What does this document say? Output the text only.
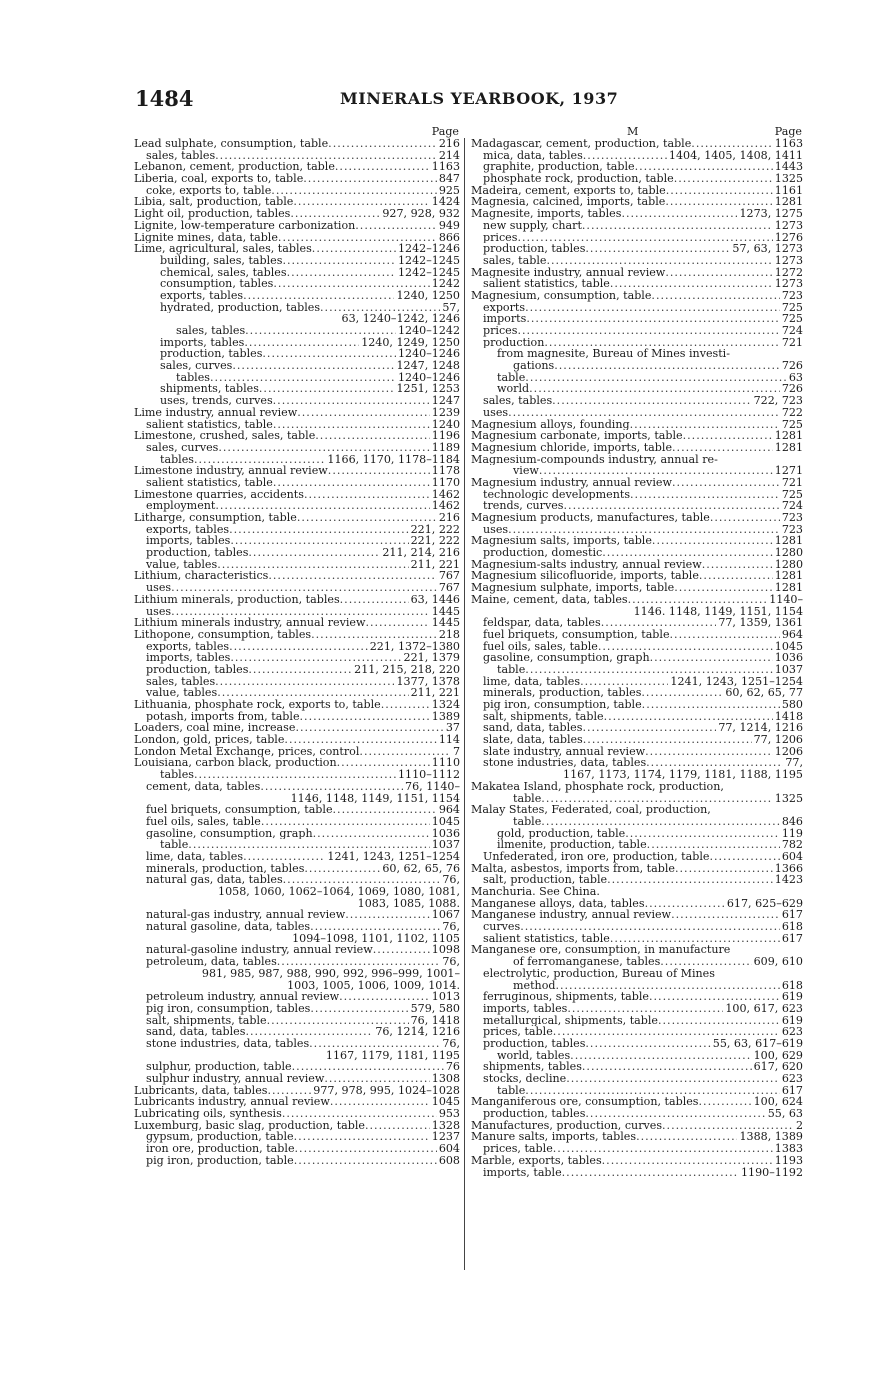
1484	MINERALS YEARBOOK, 1937
Page
Lead sulphate, consumption, table .....	216
sales, tables .....	214
Lebanon, cement, production, table .....	1163
Liberia, coal, exports to, table .....	847
coke, exports to, table .....	925
Libia, salt, production, table .....	1424
Light oil, production, tables .....	927, 928, 932
Lignite, low-temperature carbonization .....	949
Lignite mines, data, table .....	866
Lime, agricultural, sales, tables .....	1242–1246
building, sales, tables .....	1242–1245
chemical, sales, tables .....	1242–1245
consumption, tables .....	1242
exports, tables .....	1240, 1250
hydrated, production, tables .....	57,
63, 1240–1242, 1246
sales, tables .....	1240–1242
imports, tables .....	1240, 1249, 1250
production, tables .....	1240–1246
sales, curves .....	1247, 1248
tables .....	1240–1246
shipments, tables .....	1251, 1253
uses, trends, curves .....	1247
Lime industry, annual review .....	1239
salient statistics, table .....	1240
Limestone, crushed, sales, table .....	1196
sales, curves .....	1189
tables .....	1166, 1170, 1178–1184
Limestone industry, annual review .....	1178
salient statistics, table .....	1170
Limestone quarries, accidents .....	1462
employment .....	1462
Litharge, consumption, table .....	216
exports, tables .....	221, 222
imports, tables .....	221, 222
production, tables .....	211, 214, 216
value, tables .....	211, 221
Lithium, characteristics .....	767
uses .....	767
Lithium minerals, production, tables .....	63, 1446
uses .....	1445
Lithium minerals industry, annual review .....	1445
Lithopone, consumption, tables .....	218
exports, tables .....	221, 1372–1380
imports, tables .....	221, 1379
production, tables .....	211, 215, 218, 220
sales, tables .....	1377, 1378
value, tables .....	211, 221
Lithuania, phosphate rock, exports to, table .....	1324
potash, imports from, table .....	1389
Loaders, coal mine, increase .....	37
London, gold, prices, table .....	114
London Metal Exchange, prices, control .....	7
Louisiana, carbon black, production .....	1110
tables .....	1110–1112
cement, data, tables .....	76, 1140–
1146, 1148, 1149, 1151, 1154
fuel briquets, consumption, table .....	964
fuel oils, sales, table .....	1045
gasoline, consumption, graph .....	1036
table .....	1037
lime, data, tables .....	1241, 1243, 1251–1254
minerals, production, tables .....	60, 62, 65, 76
natural gas, data, tables .....	76,
1058, 1060, 1062–1064, 1069, 1080, 1081,
1083, 1085, 1088.
natural-gas industry, annual review .....	1067
natural gasoline, data, tables .....	76,
1094–1098, 1101, 1102, 1105
natural-gasoline industry, annual review .....	1098
petroleum, data, tables .....	76,
981, 985, 987, 988, 990, 992, 996–999, 1001–
1003, 1005, 1006, 1009, 1014.
petroleum industry, annual review .....	1013
pig iron, consumption, tables .....	579, 580
salt, shipments, table .....	76, 1418
sand, data, tables .....	76, 1214, 1216
stone industries, data, tables .....	76,
1167, 1179, 1181, 1195
sulphur, production, table .....	76
sulphur industry, annual review .....	1308
Lubricants, data, tables .....	977, 978, 995, 1024–1028
Lubricants industry, annual review .....	1045
Lubricating oils, synthesis .....	953
Luxemburg, basic slag, production, table .....	1328
gypsum, production, table .....	1237
iron ore, production, table .....	604
pig iron, production, table .....	608
M	Page
Madagascar, cement, production, table .....	1163
mica, data, tables .....	1404, 1405, 1408, 1411
graphite, production, table .....	1443
phosphate rock, production, table .....	1325
Madeira, cement, exports to, table .....	1161
Magnesia, calcined, imports, table .....	1281
Magnesite, imports, tables .....	1273, 1275
new supply, chart .....	1273
prices .....	1276
production, tables .....	57, 63, 1273
sales, table .....	1273
Magnesite industry, annual review .....	1272
salient statistics, table .....	1273
Magnesium, consumption, table .....	723
exports .....	725
imports .....	725
prices .....	724
production .....	721
from magnesite, Bureau of Mines investi-
gations .....	726
table .....	63
world .....	726
sales, tables .....	722, 723
uses .....	722
Magnesium alloys, founding .....	725
Magnesium carbonate, imports, table .....	1281
Magnesium chloride, imports, table .....	1281
Magnesium-compounds industry, annual re-
view .....	1271
Magnesium industry, annual review .....	721
technologic developments .....	725
trends, curves .....	724
Magnesium products, manufactures, table .....	723
uses .....	723
Magnesium salts, imports, table .....	1281
production, domestic .....	1280
Magnesium-salts industry, annual review .....	1280
Magnesium silicofluoride, imports, table .....	1281
Magnesium sulphate, imports, table .....	1281
Maine, cement, data, tables .....	1140–
1146. 1148, 1149, 1151, 1154
feldspar, data, tables .....	77, 1359, 1361
fuel briquets, consumption, table .....	964
fuel oils, sales, table .....	1045
gasoline, consumption, graph .....	1036
table .....	1037
lime, data, tables .....	1241, 1243, 1251–1254
minerals, production, tables .....	60, 62, 65, 77
pig iron, consumption, table .....	580
salt, shipments, table .....	1418
sand, data, tables .....	77, 1214, 1216
slate, data, tables .....	77, 1206
slate industry, annual review .....	1206
stone industries, data, tables .....	77,
1167, 1173, 1174, 1179, 1181, 1188, 1195
Makatea Island, phosphate rock, production,
table .....	1325
Malay States, Federated, coal, production,
table .....	846
gold, production, table .....	119
ilmenite, production, table .....	782
Unfederated, iron ore, production, table .....	604
Malta, asbestos, imports from, table .....	1366
salt, production, table .....	1423
Manchuria. See China.
Manganese alloys, data, tables .....	617, 625–629
Manganese industry, annual review .....	617
curves .....	618
salient statistics, table .....	617
Manganese ore, consumption, in manufacture
of ferromanganese, tables .....	609, 610
electrolytic, production, Bureau of Mines
method .....	618
ferruginous, shipments, table .....	619
imports, tables .....	100, 617, 623
metallurgical, shipments, table .....	619
prices, table .....	623
production, tables .....	55, 63, 617–619
world, tables .....	100, 629
shipments, tables .....	617, 620
stocks, decline .....	623
table .....	617
Manganiferous ore, consumption, tables .....	100, 624
production, tables .....	55, 63
Manufactures, production, curves .....	2
Manure salts, imports, tables .....	1388, 1389
prices, table .....	1383
Marble, exports, tables .....	1193
imports, table .....	1190–1192
